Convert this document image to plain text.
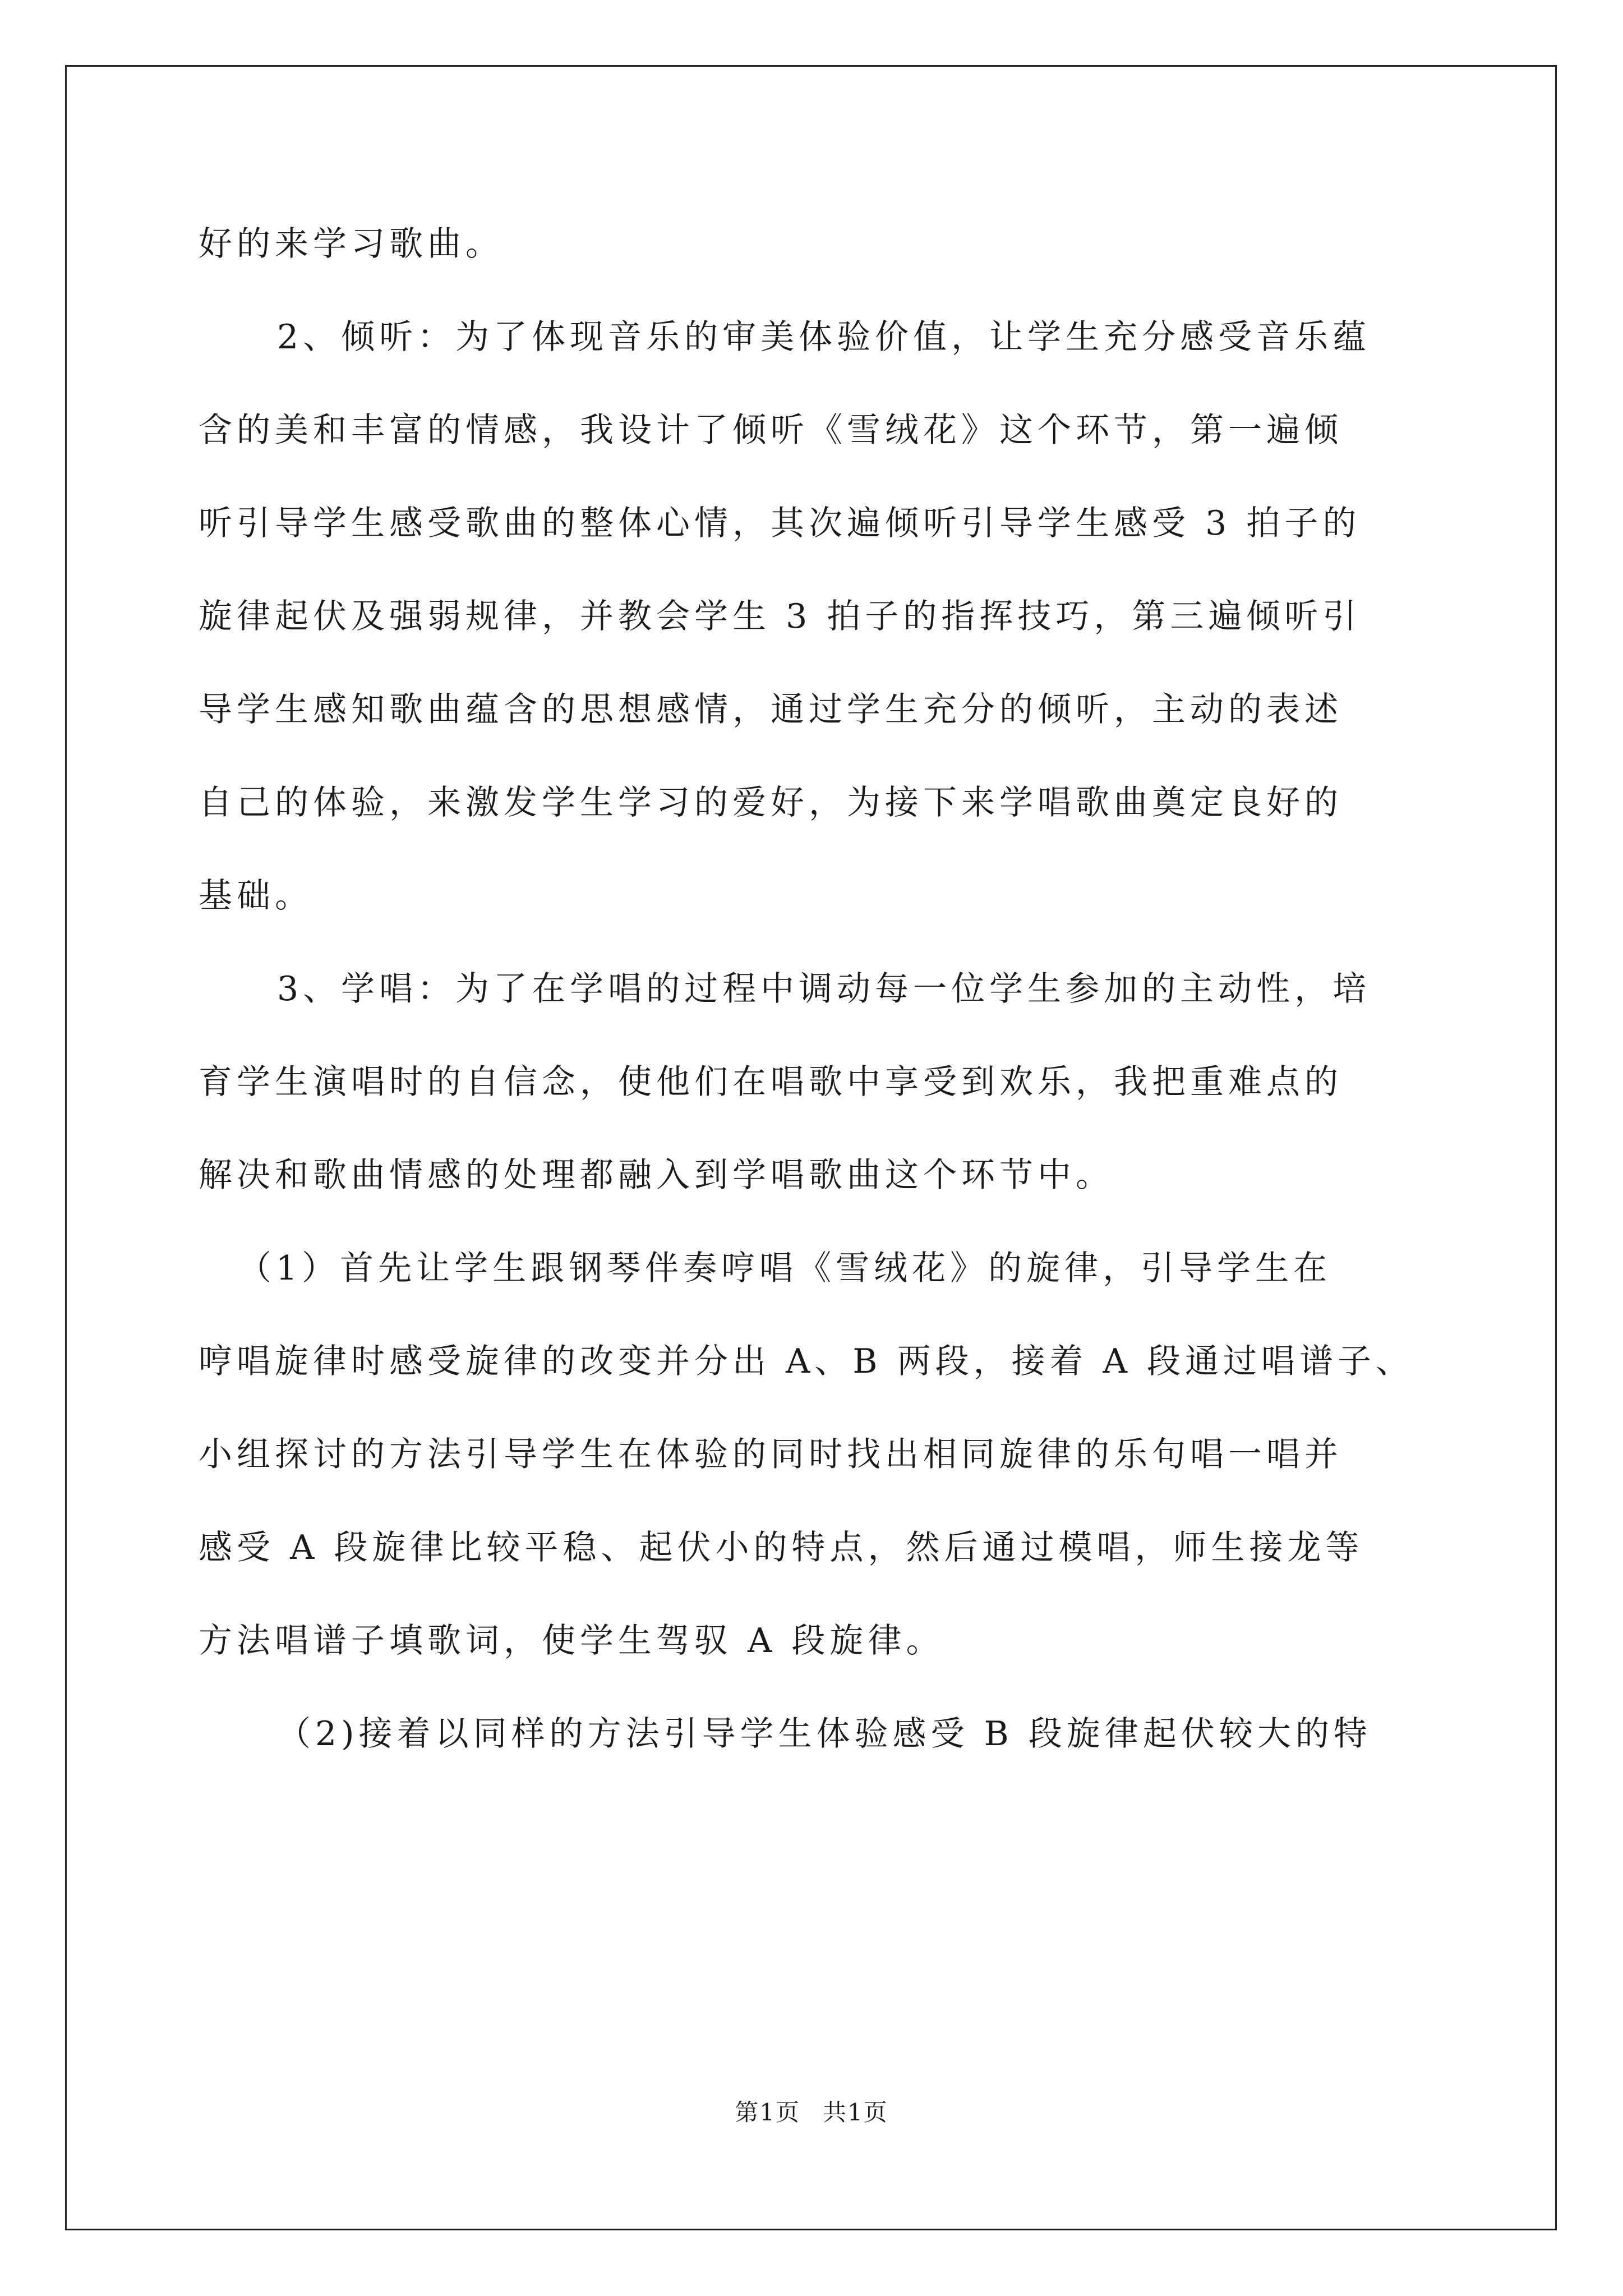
好的来学习歌曲。
2、倾听：为了体现音乐的审美体验价值，让学生充分感受音乐蕴
含的美和丰富的情感，我设计了倾听《雪绒花》这个环节，第一遍倾
听引导学生感受歌曲的整体心情，其次遍倾听引导学生感受 3 拍子的
旋律起伏及强弱规律，并教会学生 3 拍子的指挥技巧，第三遍倾听引
导学生感知歌曲蕴含的思想感情，通过学生充分的倾听，主动的表述
自己的体验，来激发学生学习的爱好，为接下来学唱歌曲奠定良好的
基础。
3、学唱：为了在学唱的过程中调动每一位学生参加的主动性，培
育学生演唱时的自信念，使他们在唱歌中享受到欢乐，我把重难点的
解决和歌曲情感的处理都融入到学唱歌曲这个环节中。
（1）首先让学生跟钢琴伴奏哼唱《雪绒花》的旋律，引导学生在
哼唱旋律时感受旋律的改变并分出 A、B 两段，接着 A 段通过唱谱子、
小组探讨的方法引导学生在体验的同时找出相同旋律的乐句唱一唱并
感受 A 段旋律比较平稳、起伏小的特点，然后通过模唱，师生接龙等
方法唱谱子填歌词，使学生驾驭 A 段旋律。
（2)接着以同样的方法引导学生体验感受 B 段旋律起伏较大的特
第1页 共1页
